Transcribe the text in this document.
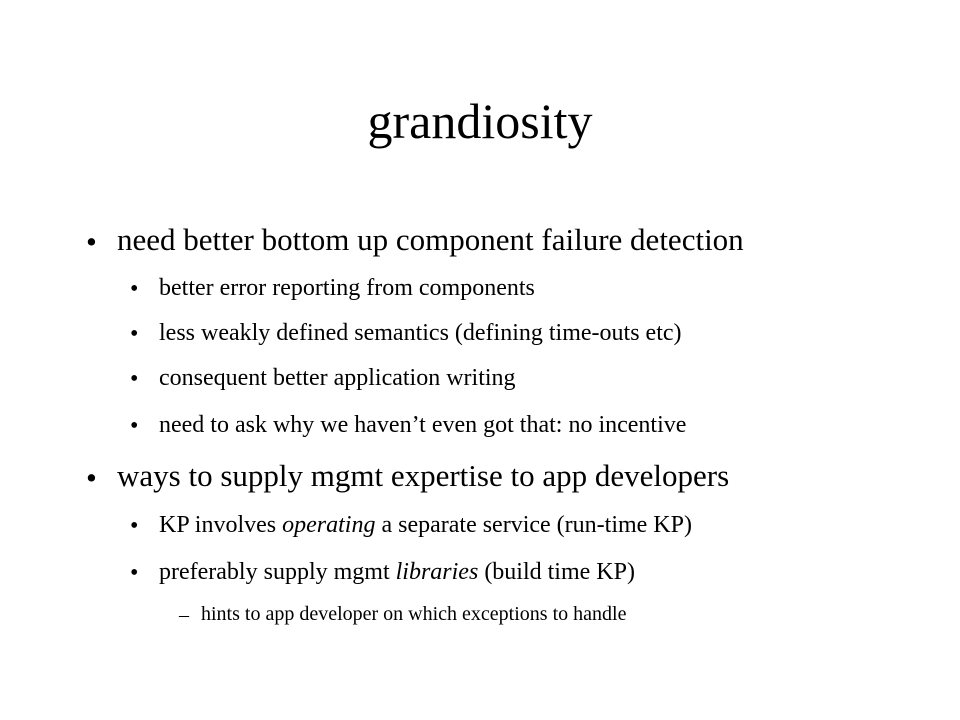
grandiosity
• need better bottom up component failure detection
• better error reporting from components
• less weakly defined semantics (defining time-outs etc)
• consequent better application writing
• need to ask why we haven’t even got that: no incentive
• ways to supply mgmt expertise to app developers
• KP involves operating a separate service (run-time KP)
• preferably supply mgmt libraries (build time KP)
– hints to app developer on which exceptions to handle
